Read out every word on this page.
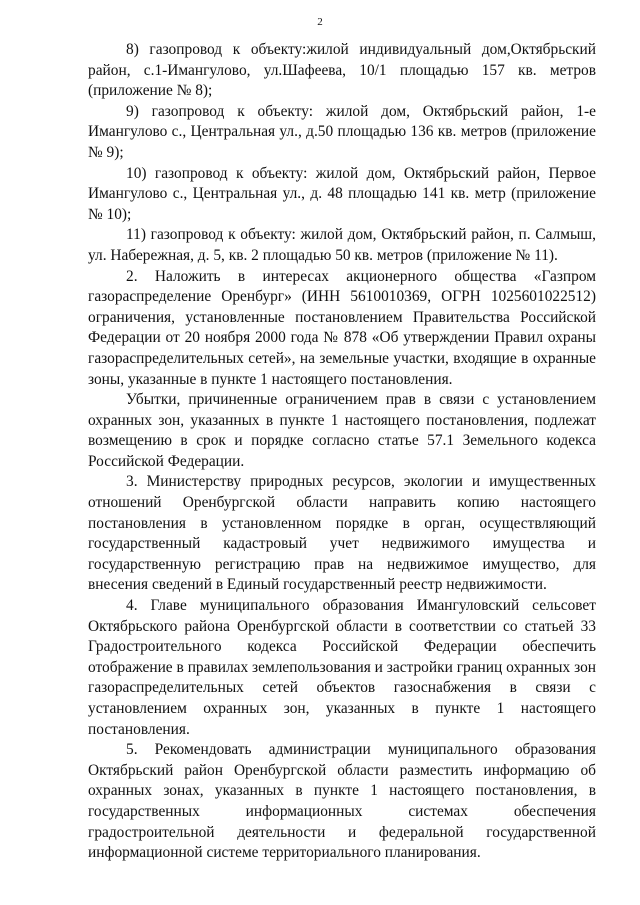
2

8) газопровод к объекту:жилой индивидуальный дом,Октябрьский район, с.1-Имангулово, ул.Шафеева, 10/1 площадью 157 кв. метров (приложение № 8);

9) газопровод к объекту: жилой дом, Октябрьский район, 1-е Имангулово с., Центральная ул., д.50 площадью 136 кв. метров (приложение № 9);

10) газопровод к объекту: жилой дом, Октябрьский район, Первое Имангулово с., Центральная ул., д. 48 площадью 141 кв. метр (приложение № 10);

11) газопровод к объекту: жилой дом, Октябрьский район, п. Салмыш, ул. Набережная, д. 5, кв. 2 площадью 50 кв. метров (приложение № 11).

2. Наложить в интересах акционерного общества «Газпром газораспределение Оренбург» (ИНН 5610010369, ОГРН 1025601022512) ограничения, установленные постановлением Правительства Российской Федерации от 20 ноября 2000 года № 878 «Об утверждении Правил охраны газораспределительных сетей», на земельные участки, входящие в охранные зоны, указанные в пункте 1 настоящего постановления.

Убытки, причиненные ограничением прав в связи с установлением охранных зон, указанных в пункте 1 настоящего постановления, подлежат возмещению в срок и порядке согласно статье 57.1 Земельного кодекса Российской Федерации.

3. Министерству природных ресурсов, экологии и имущественных отношений Оренбургской области направить копию настоящего постановления в установленном порядке в орган, осуществляющий государственный кадастровый учет недвижимого имущества и государственную регистрацию прав на недвижимое имущество, для внесения сведений в Единый государственный реестр недвижимости.

4. Главе муниципального образования Имангуловский сельсовет Октябрьского района Оренбургской области в соответствии со статьей 33 Градостроительного кодекса Российской Федерации обеспечить отображение в правилах землепользования и застройки границ охранных зон газораспределительных сетей объектов газоснабжения в связи с установлением охранных зон, указанных в пункте 1 настоящего постановления.

5. Рекомендовать администрации муниципального образования Октябрьский район Оренбургской области разместить информацию об охранных зонах, указанных в пункте 1 настоящего постановления, в государственных информационных системах обеспечения градостроительной деятельности и федеральной государственной информационной системе территориального планирования.
